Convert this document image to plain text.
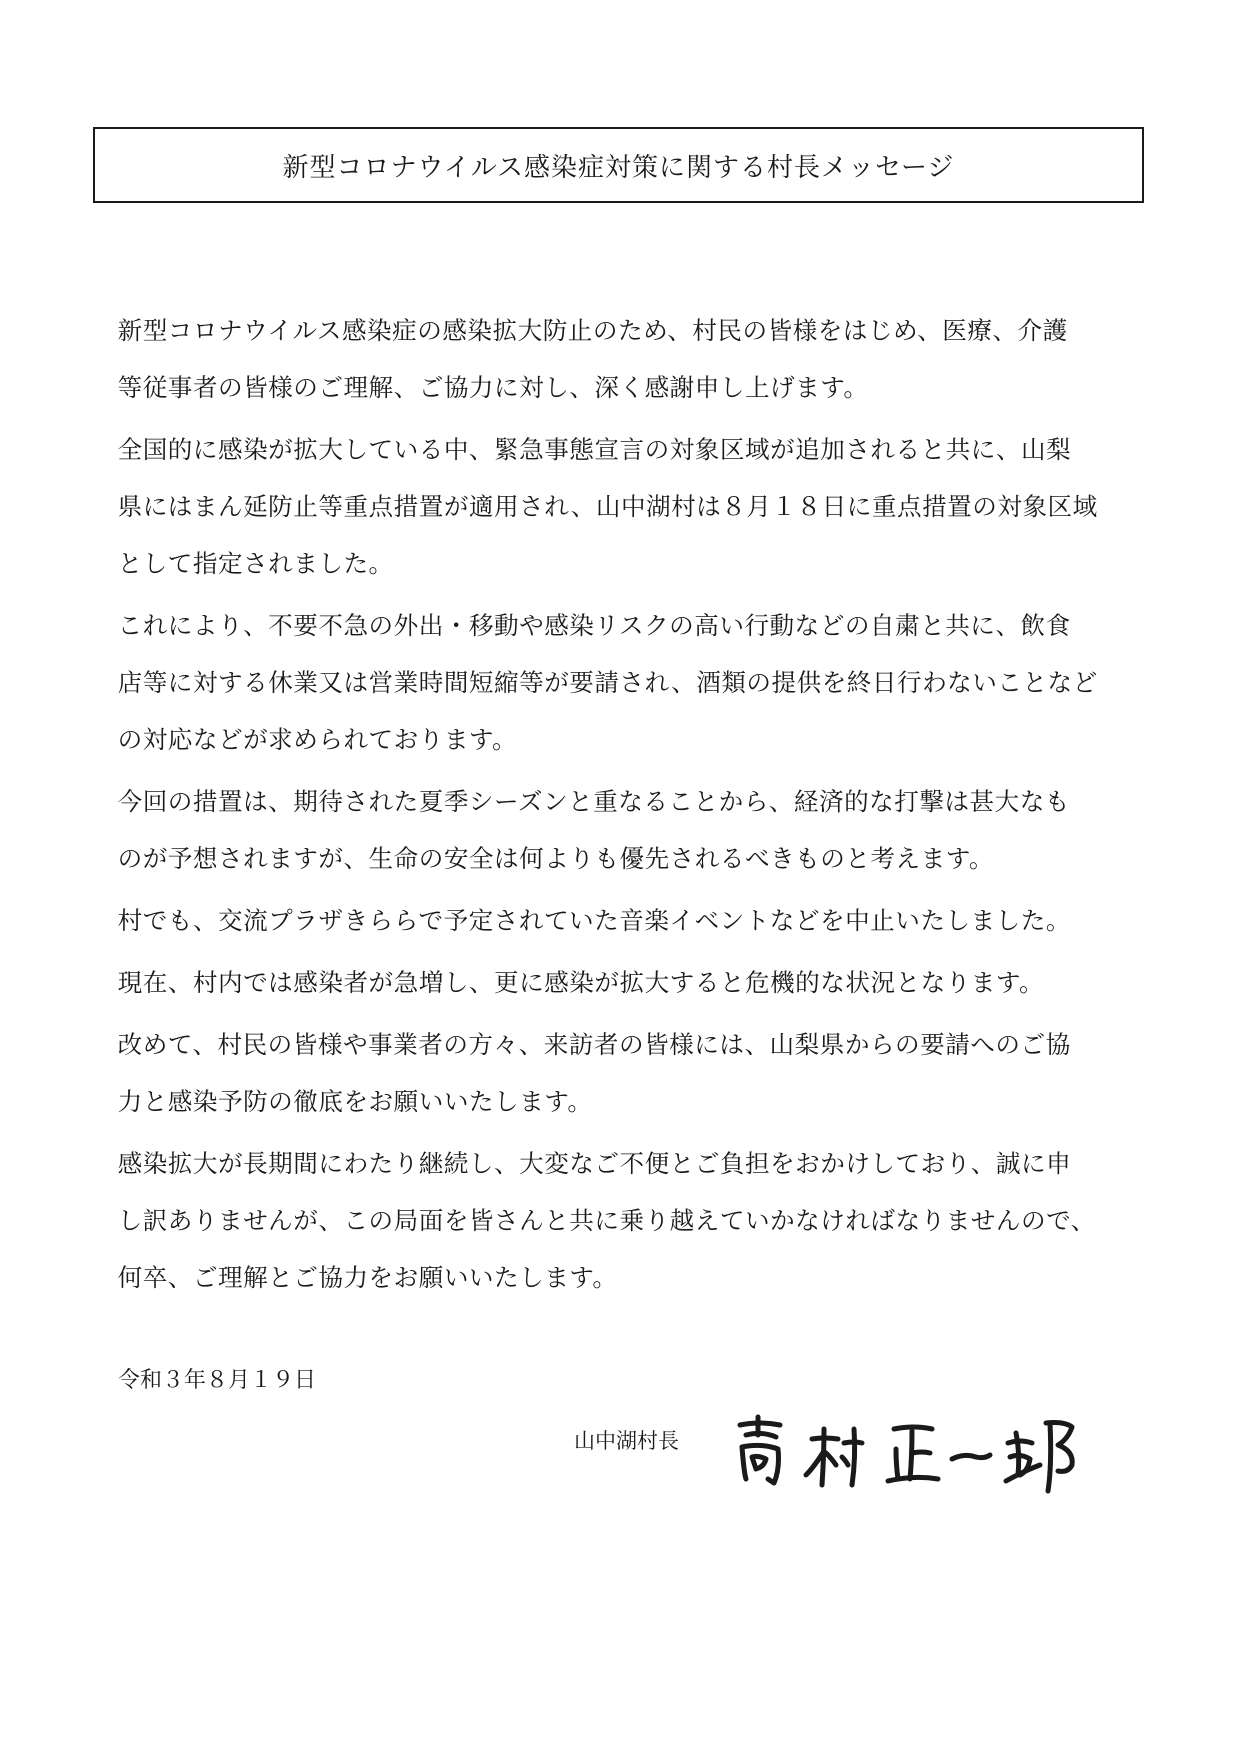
新型コロナウイルス感染症対策に関する村長メッセージ

新型コロナウイルス感染症の感染拡大防止のため、村民の皆様をはじめ、医療、介護
等従事者の皆様のご理解、ご協力に対し、深く感謝申し上げます。

全国的に感染が拡大している中、緊急事態宣言の対象区域が追加されると共に、山梨
県にはまん延防止等重点措置が適用され、山中湖村は８月１８日に重点措置の対象区域
として指定されました。

これにより、不要不急の外出・移動や感染リスクの高い行動などの自粛と共に、飲食
店等に対する休業又は営業時間短縮等が要請され、酒類の提供を終日行わないことなど
の対応などが求められております。

今回の措置は、期待された夏季シーズンと重なることから、経済的な打撃は甚大なも
のが予想されますが、生命の安全は何よりも優先されるべきものと考えます。

村でも、交流プラザきららで予定されていた音楽イベントなどを中止いたしました。

現在、村内では感染者が急増し、更に感染が拡大すると危機的な状況となります。

改めて、村民の皆様や事業者の方々、来訪者の皆様には、山梨県からの要請へのご協
力と感染予防の徹底をお願いいたします。

感染拡大が長期間にわたり継続し、大変なご不便とご負担をおかけしており、誠に申
し訳ありませんが、この局面を皆さんと共に乗り越えていかなければなりませんので、
何卒、ご理解とご協力をお願いいたします。

令和３年８月１９日
山中湖村長
